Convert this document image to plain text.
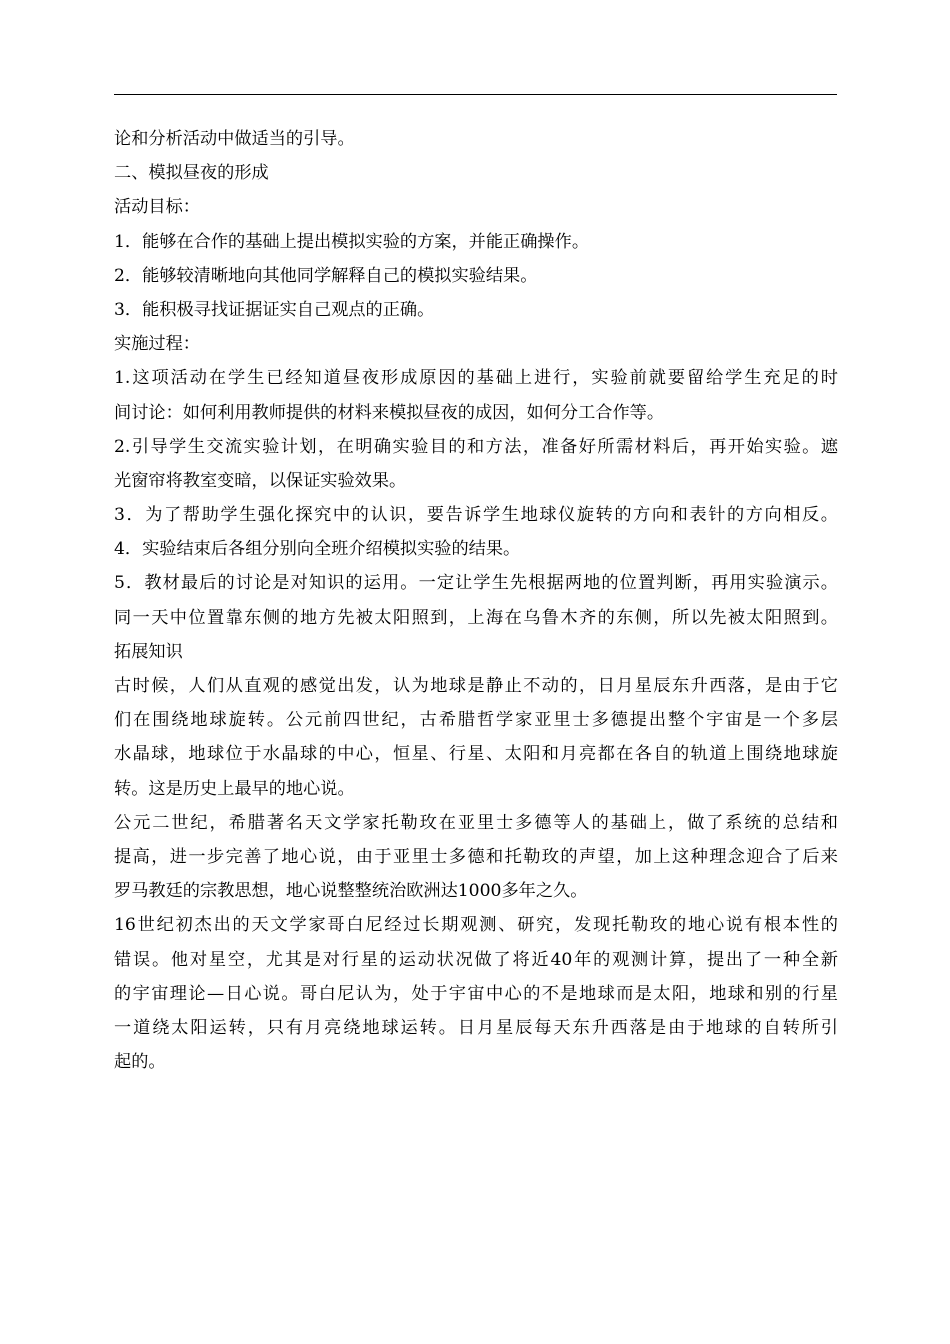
论和分析活动中做适当的引导。
二、模拟昼夜的形成
活动目标：
1．能够在合作的基础上提出模拟实验的方案，并能正确操作。
2．能够较清晰地向其他同学解释自己的模拟实验结果。
3．能积极寻找证据证实自己观点的正确。
实施过程：
1.这项活动在学生已经知道昼夜形成原因的基础上进行，实验前就要留给学生充足的时
间讨论：如何利用教师提供的材料来模拟昼夜的成因，如何分工合作等。
2.引导学生交流实验计划，在明确实验目的和方法，准备好所需材料后，再开始实验。遮
光窗帘将教室变暗，以保证实验效果。
3．为了帮助学生强化探究中的认识，要告诉学生地球仪旋转的方向和表针的方向相反。
4．实验结束后各组分别向全班介绍模拟实验的结果。
5．教材最后的讨论是对知识的运用。一定让学生先根据两地的位置判断，再用实验演示。
同一天中位置靠东侧的地方先被太阳照到，上海在乌鲁木齐的东侧，所以先被太阳照到。
拓展知识
古时候，人们从直观的感觉出发，认为地球是静止不动的，日月星辰东升西落，是由于它
们在围绕地球旋转。公元前四世纪，古希腊哲学家亚里士多德提出整个宇宙是一个多层
水晶球，地球位于水晶球的中心，恒星、行星、太阳和月亮都在各自的轨道上围绕地球旋
转。这是历史上最早的地心说。
公元二世纪，希腊著名天文学家托勒玫在亚里士多德等人的基础上，做了系统的总结和
提高，进一步完善了地心说，由于亚里士多德和托勒玫的声望，加上这种理念迎合了后来
罗马教廷的宗教思想，地心说整整统治欧洲达1000多年之久。
16世纪初杰出的天文学家哥白尼经过长期观测、研究，发现托勒玫的地心说有根本性的
错误。他对星空，尤其是对行星的运动状况做了将近40年的观测计算，提出了一种全新
的宇宙理论—日心说。哥白尼认为，处于宇宙中心的不是地球而是太阳，地球和别的行星
一道绕太阳运转，只有月亮绕地球运转。日月星辰每天东升西落是由于地球的自转所引
起的。
